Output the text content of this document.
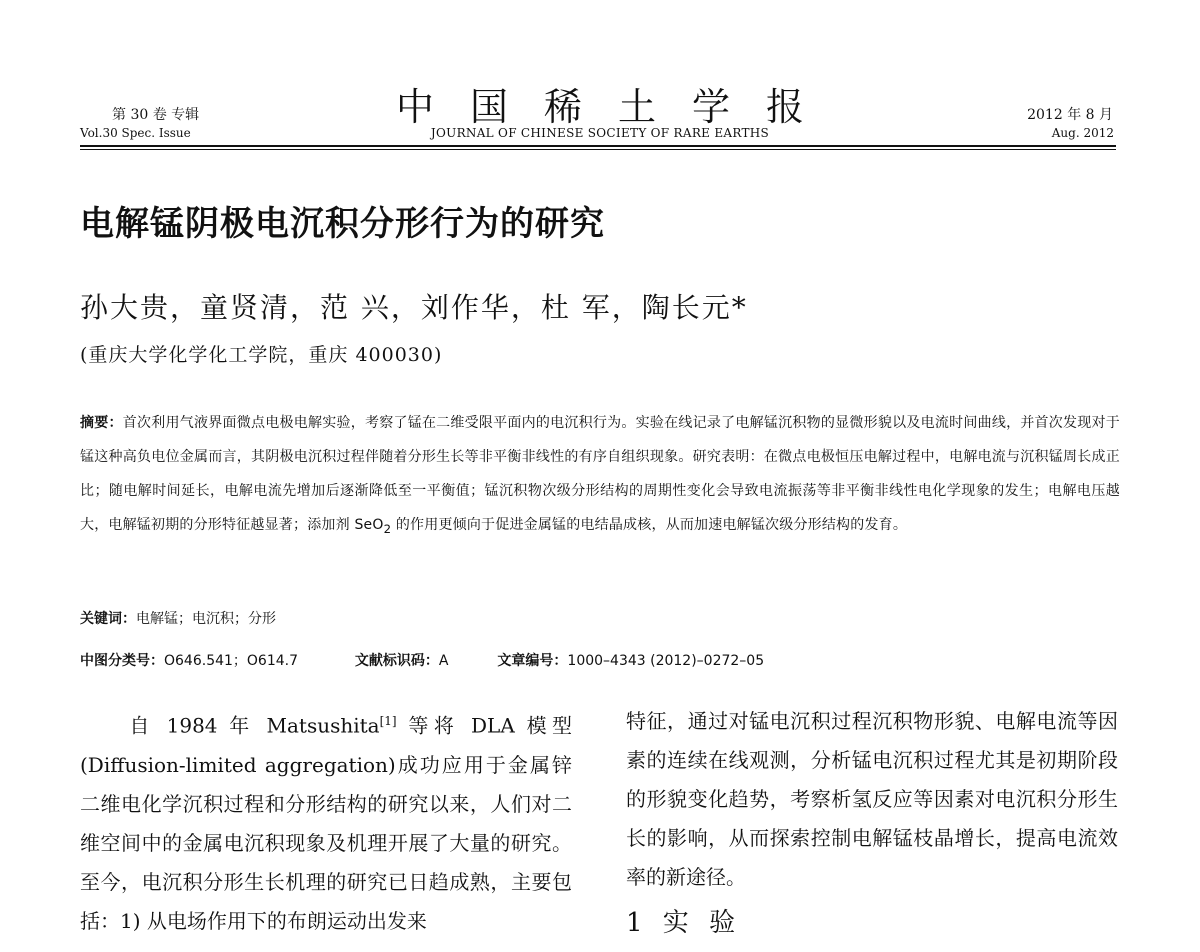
第 30 卷 专辑
Vol.30 Spec. Issue
中国稀土学报
JOURNAL OF CHINESE SOCIETY OF RARE EARTHS
2012 年 8 月
Aug. 2012
电解锰阴极电沉积分形行为的研究
孙大贵，童贤清，范 兴，刘作华，杜 军，陶长元*
(重庆大学化学化工学院，重庆 400030)
摘要：首次利用气液界面微点电极电解实验，考察了锰在二维受限平面内的电沉积行为。实验在线记录了电解锰沉积物的显微形貌以及电流时间曲线，并首次发现对于锰这种高负电位金属而言，其阴极电沉积过程伴随着分形生长等非平衡非线性的有序自组织现象。研究表明：在微点电极恒压电解过程中，电解电流与沉积锰周长成正比；随电解时间延长，电解电流先增加后逐渐降低至一平衡值；锰沉积物次级分形结构的周期性变化会导致电流振荡等非平衡非线性电化学现象的发生；电解电压越大，电解锰初期的分形特征越显著；添加剂 SeO$_2$ 的作用更倾向于促进金属锰的电结晶成核，从而加速电解锰次级分形结构的发育。
关键词：电解锰；电沉积；分形
中图分类号：O646.541；O614.7	文献标识码：A	文章编号：1000–4343 (2012)–0272–05
自 1984 年 Matsushita[1] 等将 DLA 模型 (Diffusion-limited aggregation)成功应用于金属锌二维电化学沉积过程和分形结构的研究以来，人们对二维空间中的金属电沉积现象及机理开展了大量的研究。至今，电沉积分形生长机理的研究已日趋成熟，主要包括：1) 从电场作用下的布朗运动出发来
特征，通过对锰电沉积过程沉积物形貌、电解电流等因素的连续在线观测，分析锰电沉积过程尤其是初期阶段的形貌变化趋势，考察析氢反应等因素对电沉积分形生长的影响，从而探索控制电解锰枝晶增长，提高电流效率的新途径。
1 实 验
